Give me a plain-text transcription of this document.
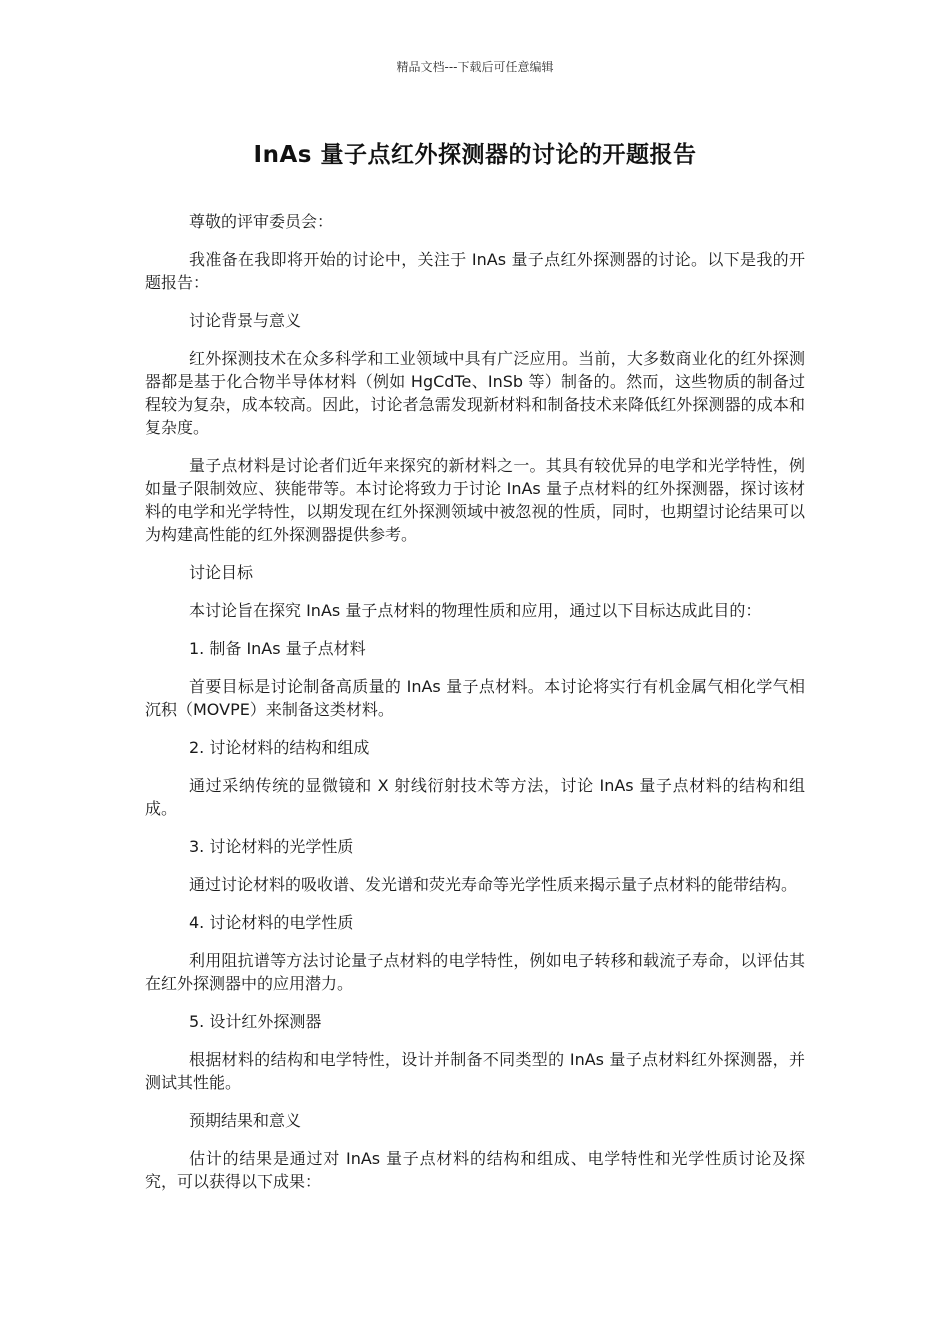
精品文档---下载后可任意编辑
InAs 量子点红外探测器的讨论的开题报告

尊敬的评审委员会：

我准备在我即将开始的讨论中，关注于 InAs 量子点红外探测器的讨论。以下是我的开题报告：

讨论背景与意义

红外探测技术在众多科学和工业领域中具有广泛应用。当前，大多数商业化的红外探测器都是基于化合物半导体材料（例如 HgCdTe、InSb 等）制备的。然而，这些物质的制备过程较为复杂，成本较高。因此，讨论者急需发现新材料和制备技术来降低红外探测器的成本和复杂度。

量子点材料是讨论者们近年来探究的新材料之一。其具有较优异的电学和光学特性，例如量子限制效应、狭能带等。本讨论将致力于讨论 InAs 量子点材料的红外探测器，探讨该材料的电学和光学特性，以期发现在红外探测领域中被忽视的性质，同时，也期望讨论结果可以为构建高性能的红外探测器提供参考。

讨论目标

本讨论旨在探究 InAs 量子点材料的物理性质和应用，通过以下目标达成此目的：

1. 制备 InAs 量子点材料

首要目标是讨论制备高质量的 InAs 量子点材料。本讨论将实行有机金属气相化学气相沉积（MOVPE）来制备这类材料。

2. 讨论材料的结构和组成

通过采纳传统的显微镜和 X 射线衍射技术等方法，讨论 InAs 量子点材料的结构和组成。

3. 讨论材料的光学性质

通过讨论材料的吸收谱、发光谱和荧光寿命等光学性质来揭示量子点材料的能带结构。

4. 讨论材料的电学性质

利用阻抗谱等方法讨论量子点材料的电学特性，例如电子转移和载流子寿命，以评估其在红外探测器中的应用潜力。

5. 设计红外探测器

根据材料的结构和电学特性，设计并制备不同类型的 InAs 量子点材料红外探测器，并测试其性能。

预期结果和意义

估计的结果是通过对 InAs 量子点材料的结构和组成、电学特性和光学性质讨论及探究，可以获得以下成果：
